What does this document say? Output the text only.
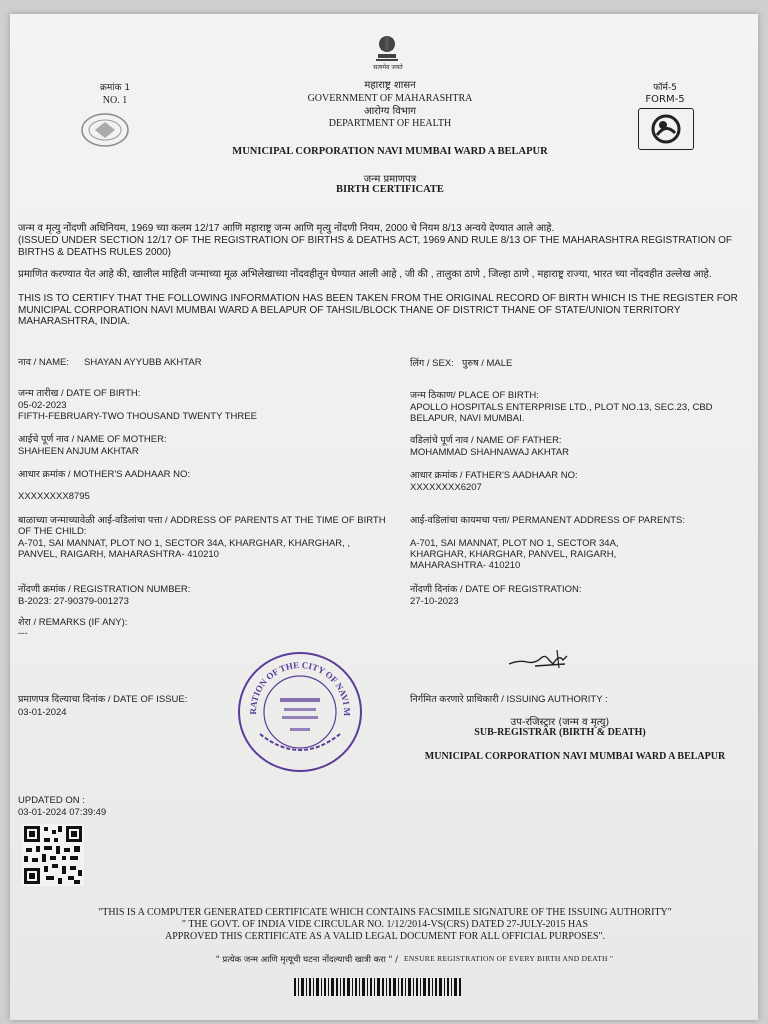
सत्यमेव जयते
क्रमांक 1
NO. 1
फॉर्म-5
FORM-5
महाराष्ट्र शासन
GOVERNMENT OF MAHARASHTRA
आरोग्य विभाग
DEPARTMENT OF HEALTH
MUNICIPAL CORPORATION NAVI MUMBAI WARD A BELAPUR
जन्म प्रमाणपत्र
BIRTH CERTIFICATE
जन्म व मृत्यु नोंदणी अधिनियम, 1969 च्या कलम 12/17 आणि महाराष्ट्र जन्म आणि मृत्यु नोंदणी नियम, 2000 चे नियम 8/13 अन्वये देण्यात आले आहे.
(ISSUED UNDER SECTION 12/17 OF THE REGISTRATION OF BIRTHS & DEATHS ACT, 1969 AND RULE 8/13 OF THE MAHARASHTRA REGISTRATION OF BIRTHS & DEATHS RULES 2000)
प्रमाणित करण्यात येत आहे की, खालील माहिती जन्माच्या मूळ अभिलेखाच्या नोंदवहीतून घेण्यात आली आहे , जी की , तालुका ठाणे , जिल्हा ठाणे , महाराष्ट्र राज्या, भारत च्या नोंदवहीत उल्लेख आहे.
THIS IS TO CERTIFY THAT THE FOLLOWING INFORMATION HAS BEEN TAKEN FROM THE ORIGINAL RECORD OF BIRTH WHICH IS THE REGISTER FOR MUNICIPAL CORPORATION NAVI MUMBAI WARD A BELAPUR OF TAHSIL/BLOCK THANE OF DISTRICT THANE OF STATE/UNION TERRITORY MAHARASHTRA, INDIA.
नाव / NAME:	SHAYAN AYYUBB AKHTAR	लिंग / SEX: पुरुष / MALE
जन्म तारीख / DATE OF BIRTH:
05-02-2023
FIFTH-FEBRUARY-TWO THOUSAND TWENTY THREE
जन्म ठिकाण/ PLACE OF BIRTH:
APOLLO HOSPITALS ENTERPRISE LTD., PLOT NO.13, SEC.23, CBD BELAPUR, NAVI MUMBAI.
आईचे पूर्ण नाव / NAME OF MOTHER:
SHAHEEN ANJUM AKHTAR
वडिलांचे पूर्ण नाव / NAME OF FATHER:
MOHAMMAD SHAHNAWAJ AKHTAR
आधार क्रमांक / MOTHER'S AADHAAR NO:
XXXXXXXX8795
आधार क्रमांक / FATHER'S AADHAAR NO:
XXXXXXXX6207
बाळाच्या जन्माच्यावेळी आई-वडिलांचा पत्ता / ADDRESS OF PARENTS AT THE TIME OF BIRTH OF THE CHILD:
A-701, SAI MANNAT, PLOT NO 1, SECTOR 34A, KHARGHAR, KHARGHAR, , PANVEL, RAIGARH, MAHARASHTRA- 410210
आई-वडिलांचा कायमचा पत्ता/ PERMANENT ADDRESS OF PARENTS:
A-701, SAI MANNAT, PLOT NO 1, SECTOR 34A, KHARGHAR, KHARGHAR, PANVEL, RAIGARH, MAHARASHTRA- 410210
नोंदणी क्रमांक / REGISTRATION NUMBER:
B-2023: 27-90379-001273
नोंदणी दिनांक / DATE OF REGISTRATION:
27-10-2023
शेरा / REMARKS (IF ANY):
---
प्रमाणपत्र दिल्याचा दिनांक / DATE OF ISSUE:
03-01-2024	RATION OF THE CITY OF NAVI M
निर्गमित करणारे प्राधिकारी / ISSUING AUTHORITY :
उप-रजिस्ट्रार (जन्म व मृत्यु)
SUB-REGISTRAR (BIRTH & DEATH)
MUNICIPAL CORPORATION NAVI MUMBAI WARD A BELAPUR
UPDATED ON :
03-01-2024 07:39:49
"THIS IS A COMPUTER GENERATED CERTIFICATE WHICH CONTAINS FACSIMILE SIGNATURE OF THE ISSUING AUTHORITY"
" THE GOVT. OF INDIA VIDE CIRCULAR NO. 1/12/2014-VS(CRS) DATED 27-JULY-2015 HAS
APPROVED THIS CERTIFICATE AS A VALID LEGAL DOCUMENT FOR ALL OFFICIAL PURPOSES".
" प्रत्येक जन्म आणि मृत्यूची घटना नोंदल्याची खात्री करा " / ENSURE REGISTRATION OF EVERY BIRTH AND DEATH "
